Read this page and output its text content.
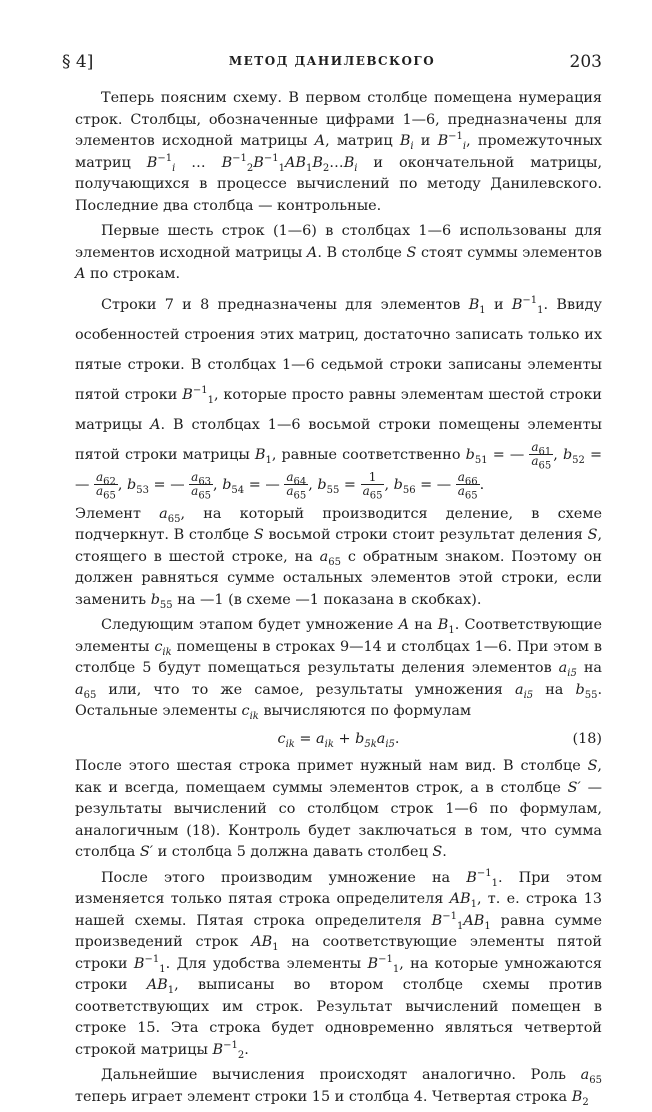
§ 4]	МЕТОД ДАНИЛЕВСКОГО	203

Теперь поясним схему. В первом столбце помещена нумерация строк. Столбцы, обозначенные цифрами 1—6, предназначены для элементов исходной матрицы A, матриц $B_i$ и $B^{-1}_i$, промежуточных матриц $B^{-1}_i$ … $B^{-1}_2B^{-1}_1AB_1B_2\dots B_i$ и окончательной матрицы, получающихся в процессе вычислений по методу Данилевского. Последние два столбца — контрольные.

Первые шесть строк (1—6) в столбцах 1—6 использованы для элементов исходной матрицы A. В столбце S стоят суммы элементов A по строкам.

Строки 7 и 8 предназначены для элементов $B_1$ и $B^{-1}_1$. Ввиду особенностей строения этих матриц, достаточно записать только их пятые строки. В столбцах 1—6 седьмой строки записаны элементы пятой строки $B^{-1}_1$, которые просто равны элементам шестой строки матрицы A. В столбцах 1—6 восьмой строки помещены элементы пятой строки матрицы $B_1$, равные соответственно $b_{51}$ = — $\frac{a_{61}}{a_{65}}$ , $b_{52}$ = — $\frac{a_{62}}{a_{65}}$ , $b_{53}$ = — $\frac{a_{63}}{a_{65}}$ , $b_{54}$ = — $\frac{a_{64}}{a_{65}}$ , $b_{55} = \frac{1}{a_{65}}$ , $b_{56}$ = — $\frac{a_{66}}{a_{65}}$ .

Элемент $a_{65}$, на который производится деление, в схеме подчеркнут. В столбце S восьмой строки стоит результат деления S, стоящего в шестой строке, на $a_{65}$ с обратным знаком. Поэтому он должен равняться сумме остальных элементов этой строки, если заменить $b_{55}$ на —1 (в схеме —1 показана в скобках).

Следующим этапом будет умножение A на $B_1$. Соответствующие элементы $c_{ik}$ помещены в строках 9—14 и столбцах 1—6. При этом в столбце 5 будут помещаться результаты деления элементов $a_{i5}$ на $a_{65}$ или, что то же самое, результаты умножения $a_{i5}$ на $b_{55}$. Остальные элементы $c_{ik}$ вычисляются по формулам

$c_{ik} = a_{ik} + b_{5k}a_{i5}$.	(18)

После этого шестая строка примет нужный нам вид. В столбце S, как и всегда, помещаем суммы элементов строк, а в столбце S′ — результаты вычислений со столбцом строк 1—6 по формулам, аналогичным (18). Контроль будет заключаться в том, что сумма столбца S′ и столбца 5 должна давать столбец S.

После этого производим умножение на $B^{-1}_1$. При этом изменяется только пятая строка определителя $AB_1$, т. е. строка 13 нашей схемы. Пятая строка определителя $B^{-1}_1AB_1$ равна сумме произведений строк $AB_1$ на соответствующие элементы пятой строки $B^{-1}_1$. Для удобства элементы $B^{-1}_1$, на которые умножаются строки $AB_1$, выписаны во втором столбце схемы против соответствующих им строк. Результат вычислений помещен в строке 15. Эта строка будет одновременно являться четвертой строкой матрицы $B^{-1}_2$.

Дальнейшие вычисления происходят аналогично. Роль $a_{65}$ теперь играет элемент строки 15 и столбца 4. Четвертая строка $B_2$
